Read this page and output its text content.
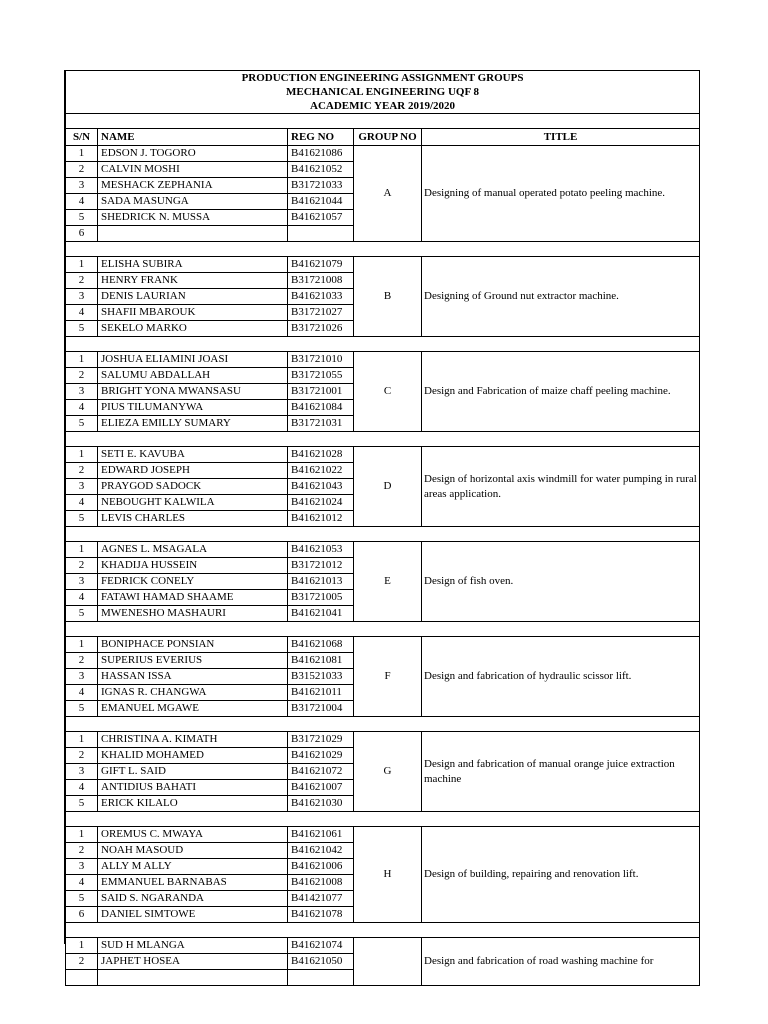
PRODUCTION ENGINEERING ASSIGNMENT GROUPS				
MECHANICAL ENGINEERING UQF 8				
ACADEMIC YEAR 2019/2020				

S/N	NAME	REG NO	GROUP NO	TITLE
1	EDSON J. TOGORO	B41621086	A	Designing of manual operated potato peeling machine.
2	CALVIN MOSHI	B41621052		
3	MESHACK ZEPHANIA	B31721033		
4	SADA MASUNGA	B41621044		
5	SHEDRICK N. MUSSA	B41621057		
6				

1	ELISHA SUBIRA	B41621079	B	Designing of Ground nut extractor machine.
2	HENRY FRANK	B31721008		
3	DENIS LAURIAN	B41621033		
4	SHAFII MBAROUK	B31721027		
5	SEKELO MARKO	B31721026		

1	JOSHUA ELIAMINI JOASI	B31721010	C	Design and Fabrication of maize chaff peeling machine.
2	SALUMU ABDALLAH	B31721055		
3	BRIGHT YONA MWANSASU	B31721001		
4	PIUS TILUMANYWA	B41621084		
5	ELIEZA EMILLY SUMARY	B31721031		

1	SETI E. KAVUBA	B41621028	D	Design of horizontal axis windmill for water pumping in rural areas application.
2	EDWARD JOSEPH	B41621022		
3	PRAYGOD SADOCK	B41621043		
4	NEBOUGHT KALWILA	B41621024		
5	LEVIS CHARLES	B41621012		

1	AGNES L. MSAGALA	B41621053	E	Design of fish oven.
2	KHADIJA HUSSEIN	B31721012		
3	FEDRICK CONELY	B41621013		
4	FATAWI HAMAD SHAAME	B31721005		
5	MWENESHO MASHAURI	B41621041		

1	BONIPHACE PONSIAN	B41621068	F	Design and fabrication of hydraulic scissor lift.
2	SUPERIUS EVERIUS	B41621081		
3	HASSAN ISSA	B31521033		
4	IGNAS R. CHANGWA	B41621011		
5	EMANUEL MGAWE	B31721004		

1	CHRISTINA A. KIMATH	B31721029	G	Design and fabrication of manual orange juice extraction machine
2	KHALID MOHAMED	B41621029		
3	GIFT L. SAID	B41621072		
4	ANTIDIUS BAHATI	B41621007		
5	ERICK KILALO	B41621030		

1	OREMUS C. MWAYA	B41621061	H	Design of building, repairing and renovation lift.
2	NOAH MASOUD	B41621042		
3	ALLY M ALLY	B41621006		
4	EMMANUEL BARNABAS	B41621008		
5	SAID S. NGARANDA	B41421077		
6	DANIEL SIMTOWE	B41621078		

1	SUD H MLANGA	B41621074		Design and fabrication of road washing machine for
2	JAPHET HOSEA	B41621050		
